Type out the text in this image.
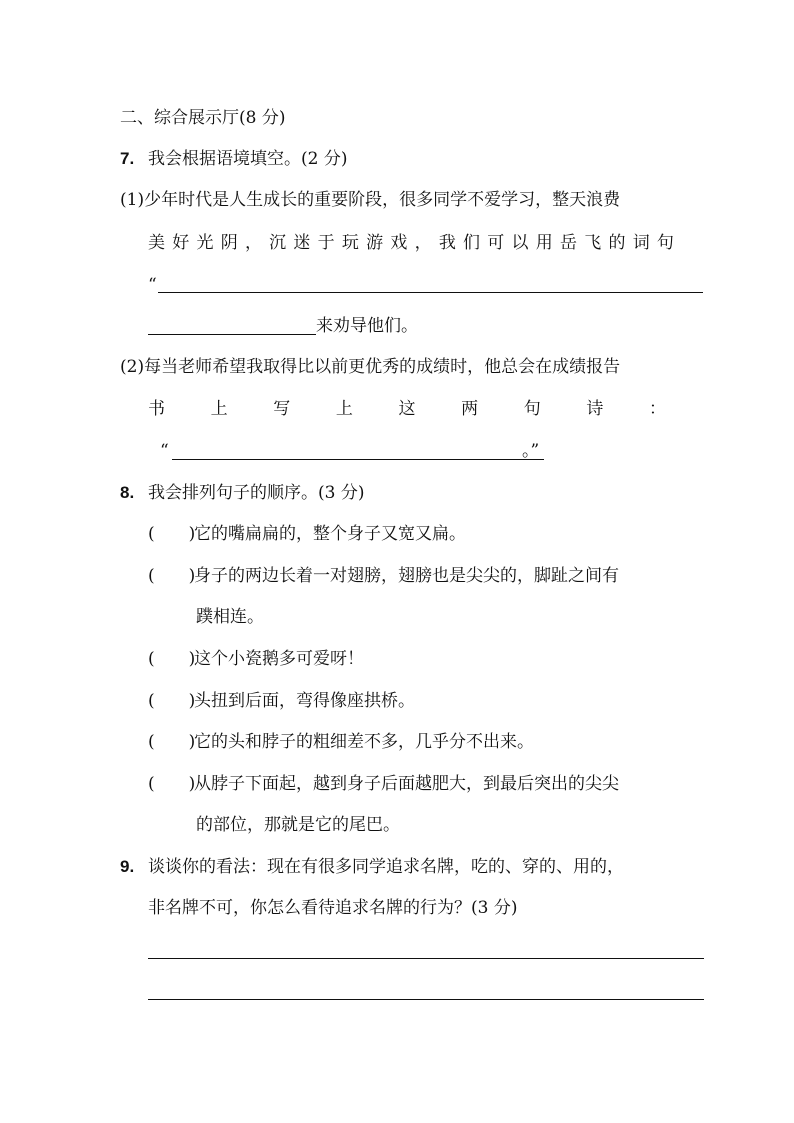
二、综合展示厅(8 分)
7. 我会根据语境填空。(2 分)
(1)少年时代是人生成长的重要阶段，很多同学不爱学习，整天浪费
美 好 光 阴 ， 沉 迷 于 玩 游 戏 ， 我 们 可 以 用 岳 飞 的 词 句
“
来劝导他们。
(2)每当老师希望我取得比以前更优秀的成绩时，他总会在成绩报告
书	上	写	上	这	两	句	诗	：
“	。”
8. 我会排列句子的顺序。(3 分)
(　　)
它的嘴扁扁的，整个身子又宽又扁。
(　　)
身子的两边长着一对翅膀，翅膀也是尖尖的，脚趾之间有
蹼相连。
(　　)
这个小瓷鹅多可爱呀！
(　　)
头扭到后面，弯得像座拱桥。
(　　)
它的头和脖子的粗细差不多，几乎分不出来。
(　　)
从脖子下面起，越到身子后面越肥大，到最后突出的尖尖
的部位，那就是它的尾巴。
9. 谈谈你的看法：现在有很多同学追求名牌，吃的、穿的、用的，
非名牌不可，你怎么看待追求名牌的行为？(3 分)
